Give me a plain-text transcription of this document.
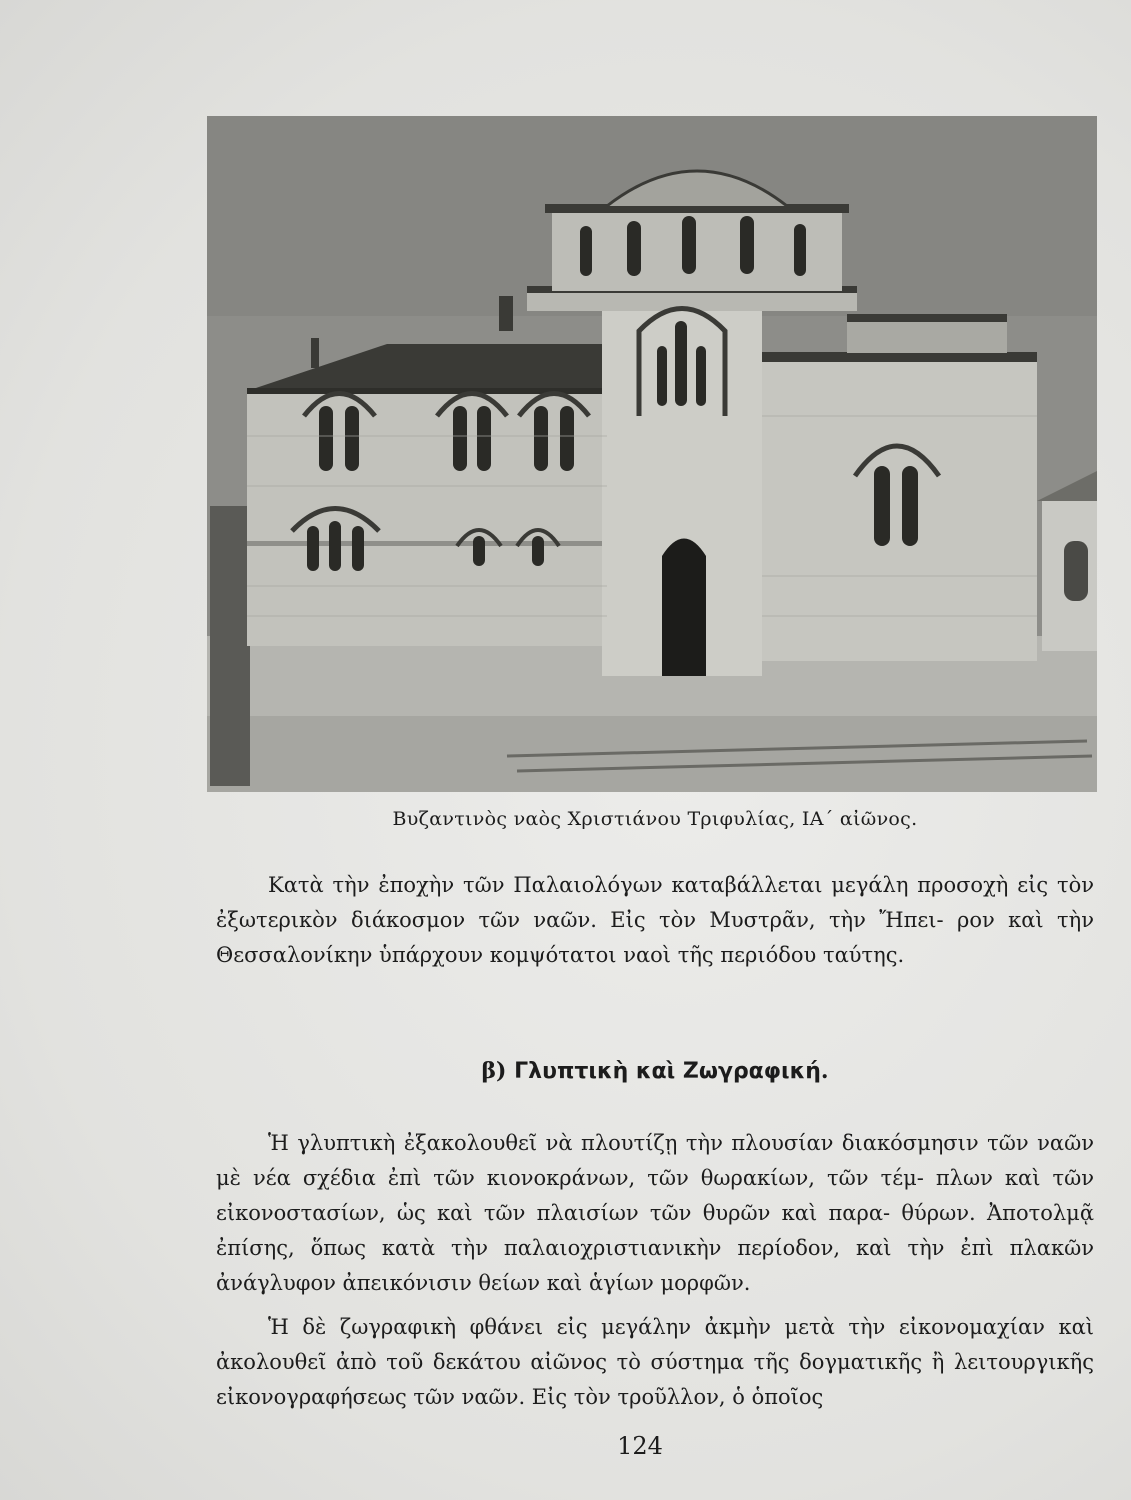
Βυζαντινὸς ναὸς Χριστιάνου Τριφυλίας, ΙΑ΄ αἰῶνος.

Κατὰ τὴν ἐποχὴν τῶν Παλαιολόγων καταβάλλεται μεγάλη προσοχὴ εἰς τὸν ἐξωτερικὸν διάκοσμον τῶν ναῶν. Εἰς τὸν Μυστρᾶν, τὴν Ἤπει- ρον καὶ τὴν Θεσσαλονίκην ὑπάρχουν κομψότατοι ναοὶ τῆς περιόδου ταύτης.

β) Γλυπτικὴ καὶ Ζωγραφική.

Ἡ γλυπτικὴ ἐξακολουθεῖ νὰ πλουτίζῃ τὴν πλουσίαν διακόσμησιν τῶν ναῶν μὲ νέα σχέδια ἐπὶ τῶν κιονοκράνων, τῶν θωρακίων, τῶν τέμ- πλων καὶ τῶν εἰκονοστασίων, ὡς καὶ τῶν πλαισίων τῶν θυρῶν καὶ παρα- θύρων. Ἀποτολμᾷ ἐπίσης, ὅπως κατὰ τὴν παλαιοχριστιανικὴν περίοδον, καὶ τὴν ἐπὶ πλακῶν ἀνάγλυφον ἀπεικόνισιν θείων καὶ ἁγίων μορφῶν.

Ἡ δὲ ζωγραφικὴ φθάνει εἰς μεγάλην ἀκμὴν μετὰ τὴν εἰκονομαχίαν καὶ ἀκολουθεῖ ἀπὸ τοῦ δεκάτου αἰῶνος τὸ σύστημα τῆς δογματικῆς ἢ λειτουργικῆς εἰκονογραφήσεως τῶν ναῶν. Εἰς τὸν τροῦλλον, ὁ ὁποῖος

124
